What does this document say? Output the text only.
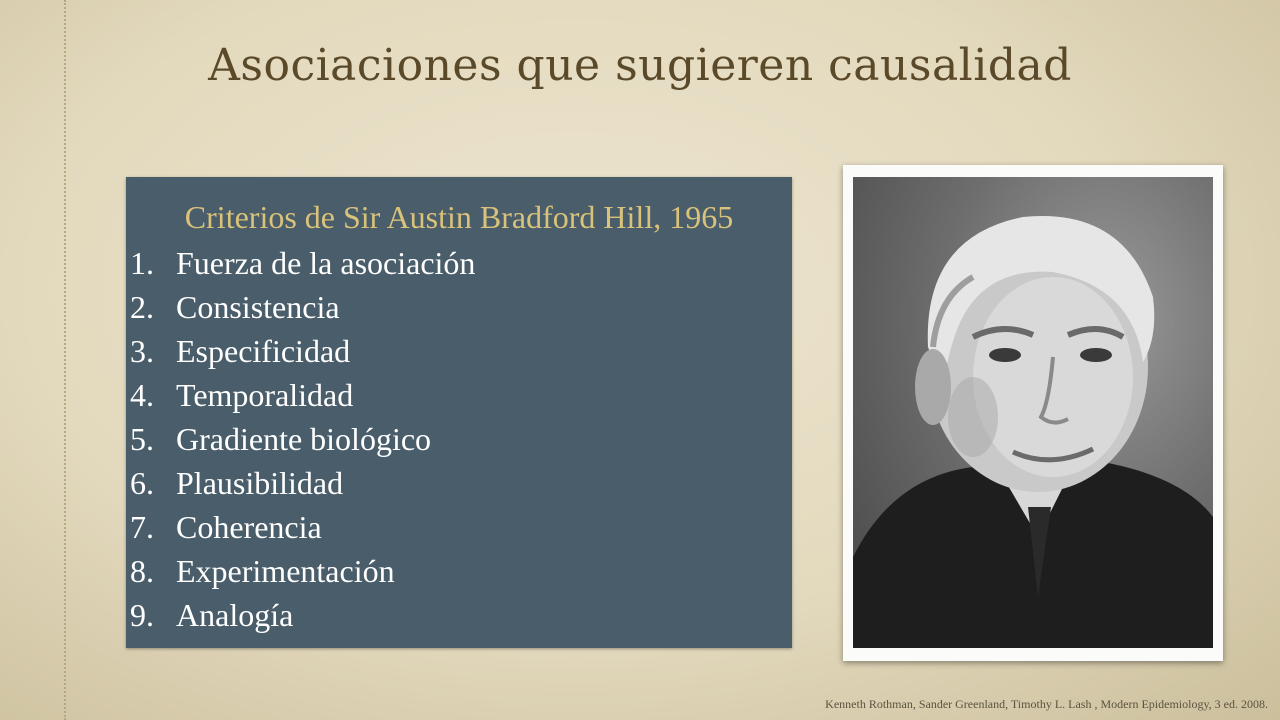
Asociaciones que sugieren causalidad
Criterios de Sir Austin Bradford Hill, 1965
1. Fuerza de la asociación
2. Consistencia
3. Especificidad
4. Temporalidad
5. Gradiente biológico
6. Plausibilidad
7. Coherencia
8. Experimentación
9. Analogía
Kenneth Rothman, Sander Greenland, Timothy L. Lash , Modern Epidemiology, 3 ed. 2008.
